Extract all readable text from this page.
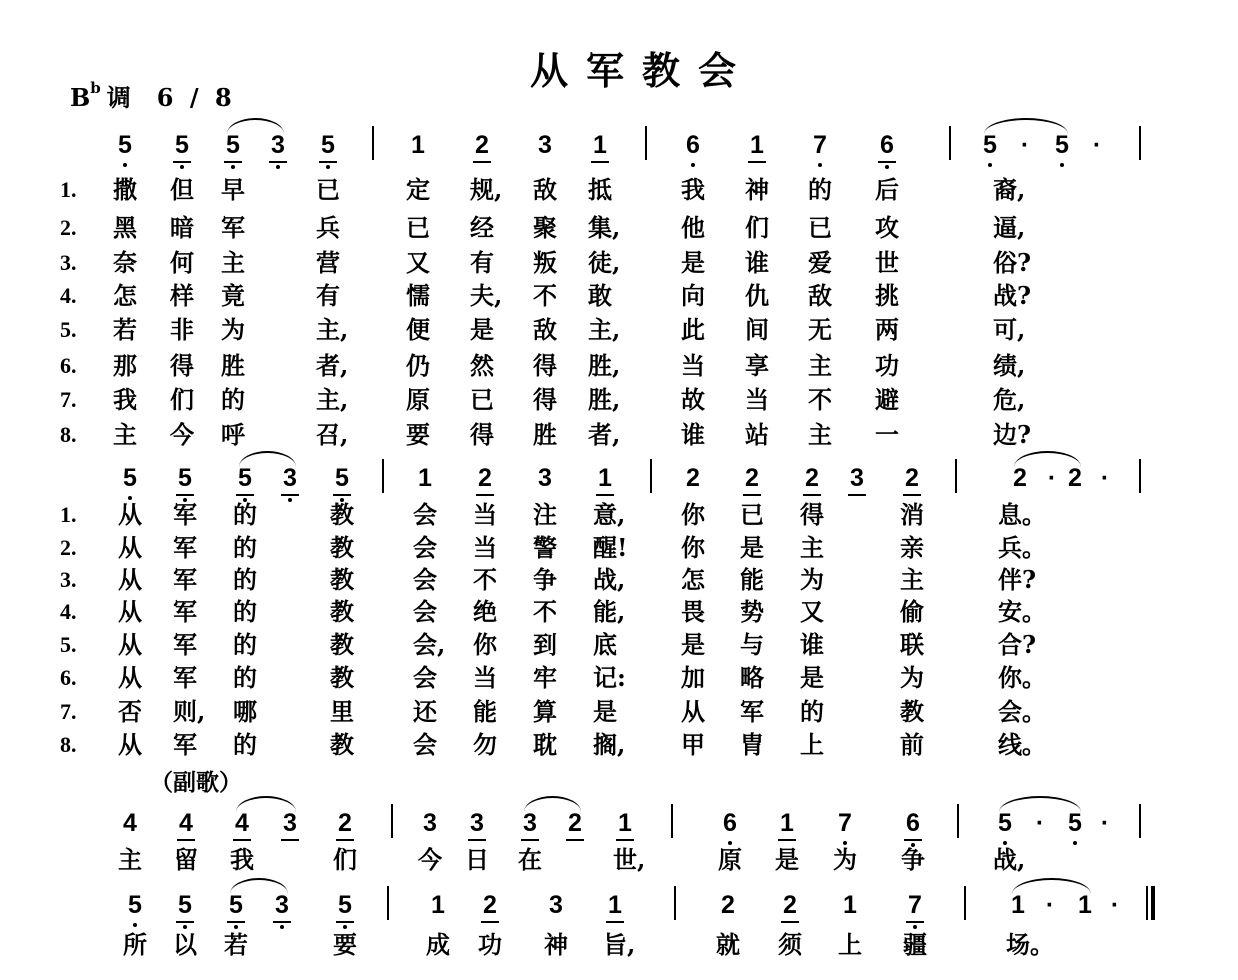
从军教会
$B^b$ 调 6 / 8
（副歌）
5 5 5 3 5	1 2 3 1	6 1 7 6	5 ·	5 ·
1. 撒 但 早	已	定 规, 敌 抵	我 神 的 后	裔,
2. 黑 暗 军	兵	已 经 聚 集,	他 们 已 攻	逼,
3. 奈 何 主	营	又 有 叛 徒,	是 谁 爱 世	俗?
4. 怎 样 竟	有	懦 夫, 不 敢	向 仇 敌 挑	战?
5. 若 非 为	主, 便 是 敌 主,	此 间 无 两	可,
6. 那 得 胜	者, 仍 然 得 胜,	当 享 主 功	绩,
7. 我 们 的	主, 原 已 得 胜,	故 当 不 避	危,
8. 主 今 呼	召, 要 得 胜 者,	谁 站 主 一	边?
5 5 5 3 5	1 2 3 1	2 2 2 3 2	2 · 2 ·
1. 从 军 的	教 会 当 注 意, 你 已 得	消	息。
2. 从 军 的	教 会 当 警 醒! 你 是 主	亲	兵。
3. 从 军 的	教 会 不 争 战, 怎 能 为	主	伴?
4. 从 军 的	教 会 绝 不 能, 畏 势 又	偷	安。
5. 从 军 的	教 会, 你 到 底	是 与 谁	联	合?
6. 从 军 的	教 会 当 牢 记: 加 略 是	为	你。
7. 否 则, 哪	里 还 能 算 是	从 军 的	教	会。
8. 从 军 的	教 会 勿 耽 搁, 甲 胄 上	前	线。
4 4 4 3 2	3 3 3 2 1	6 1 7 6	5 · 5 ·
主 留 我	们	今 日 在	世,	原 是 为 争	战,
5 5 5 3 5	1 2 3 1	2 2 1 7	1 · 1 ·
所 以 若	要	成 功 神 旨,	就 须 上 疆	场。
